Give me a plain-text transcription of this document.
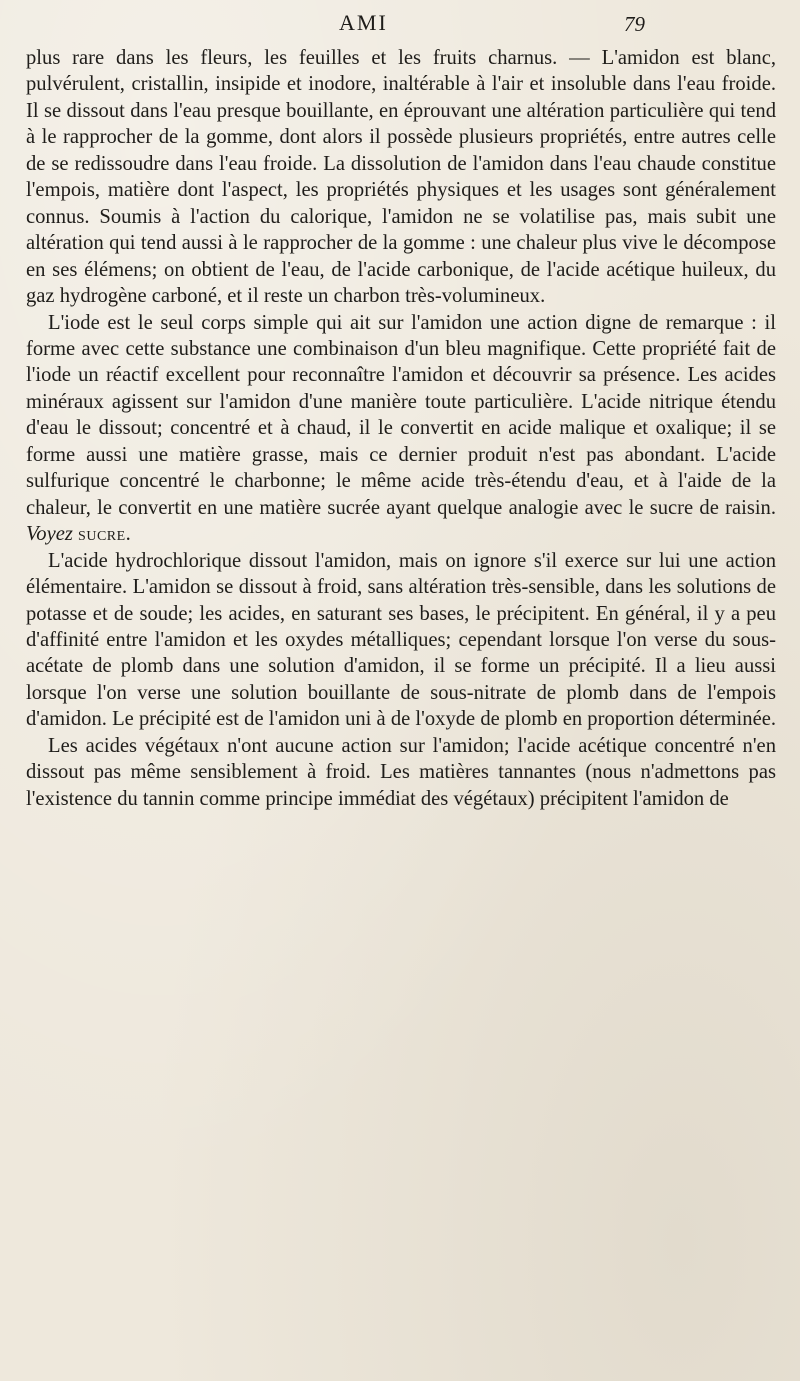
AMI	79

plus rare dans les fleurs, les feuilles et les fruits charnus. — L'amidon est blanc, pulvérulent, cristallin, insipide et inodore, inaltérable à l'air et insoluble dans l'eau froide. Il se dissout dans l'eau presque bouillante, en éprouvant une altération particulière qui tend à le rapprocher de la gomme, dont alors il possède plusieurs propriétés, entre autres celle de se redissoudre dans l'eau froide. La dissolution de l'amidon dans l'eau chaude constitue l'empois, matière dont l'aspect, les propriétés physiques et les usages sont généralement connus. Soumis à l'action du calorique, l'amidon ne se volatilise pas, mais subit une altération qui tend aussi à le rapprocher de la gomme : une chaleur plus vive le décompose en ses élémens; on obtient de l'eau, de l'acide carbonique, de l'acide acétique huileux, du gaz hydrogène carboné, et il reste un charbon très-volumineux.

L'iode est le seul corps simple qui ait sur l'amidon une action digne de remarque : il forme avec cette substance une combinaison d'un bleu magnifique. Cette propriété fait de l'iode un réactif excellent pour reconnaître l'amidon et découvrir sa présence. Les acides minéraux agissent sur l'amidon d'une manière toute particulière. L'acide nitrique étendu d'eau le dissout; concentré et à chaud, il le convertit en acide malique et oxalique; il se forme aussi une matière grasse, mais ce dernier produit n'est pas abondant. L'acide sulfurique concentré le charbonne; le même acide très-étendu d'eau, et à l'aide de la chaleur, le convertit en une matière sucrée ayant quelque analogie avec le sucre de raisin. Voyez sucre.

L'acide hydrochlorique dissout l'amidon, mais on ignore s'il exerce sur lui une action élémentaire. L'amidon se dissout à froid, sans altération très-sensible, dans les solutions de potasse et de soude; les acides, en saturant ses bases, le précipitent. En général, il y a peu d'affinité entre l'amidon et les oxydes métalliques; cependant lorsque l'on verse du sous-acétate de plomb dans une solution d'amidon, il se forme un précipité. Il a lieu aussi lorsque l'on verse une solution bouillante de sous-nitrate de plomb dans de l'empois d'amidon. Le précipité est de l'amidon uni à de l'oxyde de plomb en proportion déterminée.

Les acides végétaux n'ont aucune action sur l'amidon; l'acide acétique concentré n'en dissout pas même sensiblement à froid. Les matières tannantes (nous n'admettons pas l'existence du tannin comme principe immédiat des végétaux) précipitent l'amidon de
